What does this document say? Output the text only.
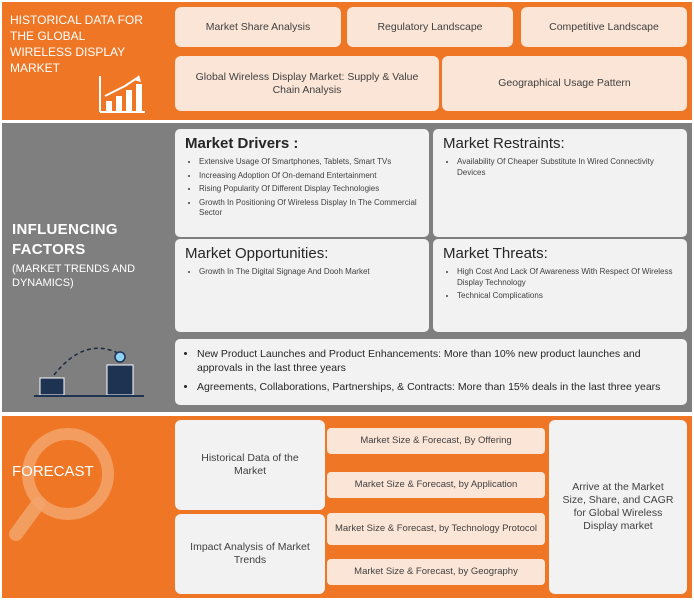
HISTORICAL DATA FOR THE GLOBAL WIRELESS DISPLAY MARKET

Market Share Analysis	Regulatory Landscape	Competitive Landscape
Global Wireless Display Market: Supply & Value Chain Analysis
Geographical Usage Pattern

INFLUENCING FACTORS

(MARKET TRENDS AND DYNAMICS)

Market Drivers :
• Extensive Usage Of Smartphones, Tablets, Smart TVs
• Increasing Adoption Of On-demand Entertainment
• Rising Popularity Of Different Display Technologies
• Growth In Positioning Of Wireless Display In The Commercial Sector
Market Restraints:
• Availability Of Cheaper Substitute In Wired Connectivity Devices
Market Opportunities:
• Growth In The Digital Signage And Dooh Market
Market Threats:
• High Cost And Lack Of Awareness With Respect Of Wireless Display Technology
• Technical Complications
• New Product Launches and Product Enhancements: More than 10% new product launches and approvals in the last three years
• Agreements, Collaborations, Partnerships, & Contracts: More than 15% deals in the last three years

FORECAST

Historical Data of the Market
Impact Analysis of Market Trends
Market Size & Forecast, By Offering
Market Size & Forecast, by Application
Market Size & Forecast, by Technology Protocol
Market Size & Forecast, by Geography
Arrive at the Market Size, Share, and CAGR for Global Wireless Display market
